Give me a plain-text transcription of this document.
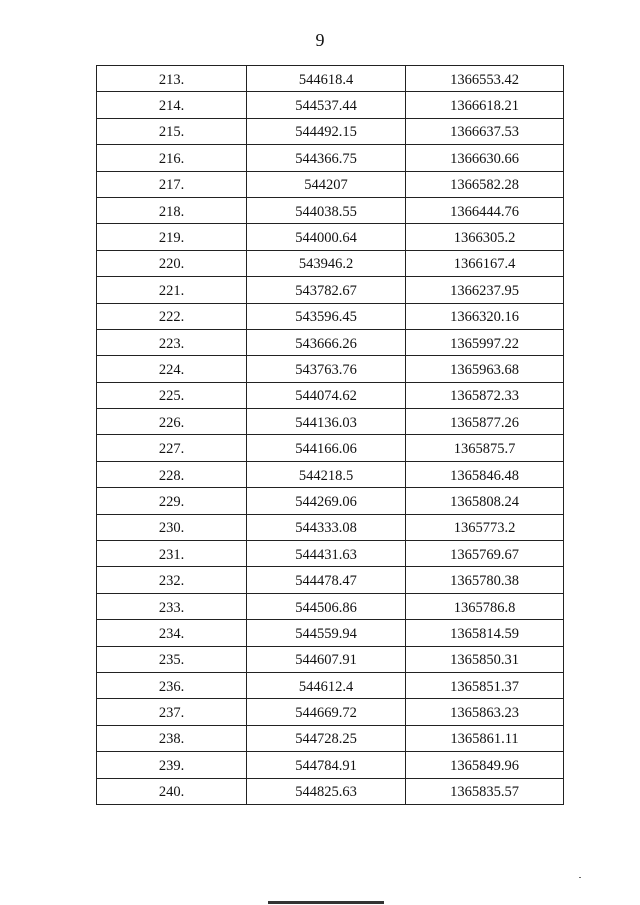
9
213.	544618.4	1366553.42
214.	544537.44	1366618.21
215.	544492.15	1366637.53
216.	544366.75	1366630.66
217.	544207	1366582.28
218.	544038.55	1366444.76
219.	544000.64	1366305.2
220.	543946.2	1366167.4
221.	543782.67	1366237.95
222.	543596.45	1366320.16
223.	543666.26	1365997.22
224.	543763.76	1365963.68
225.	544074.62	1365872.33
226.	544136.03	1365877.26
227.	544166.06	1365875.7
228.	544218.5	1365846.48
229.	544269.06	1365808.24
230.	544333.08	1365773.2
231.	544431.63	1365769.67
232.	544478.47	1365780.38
233.	544506.86	1365786.8
234.	544559.94	1365814.59
235.	544607.91	1365850.31
236.	544612.4	1365851.37
237.	544669.72	1365863.23
238.	544728.25	1365861.11
239.	544784.91	1365849.96
240.	544825.63	1365835.57
